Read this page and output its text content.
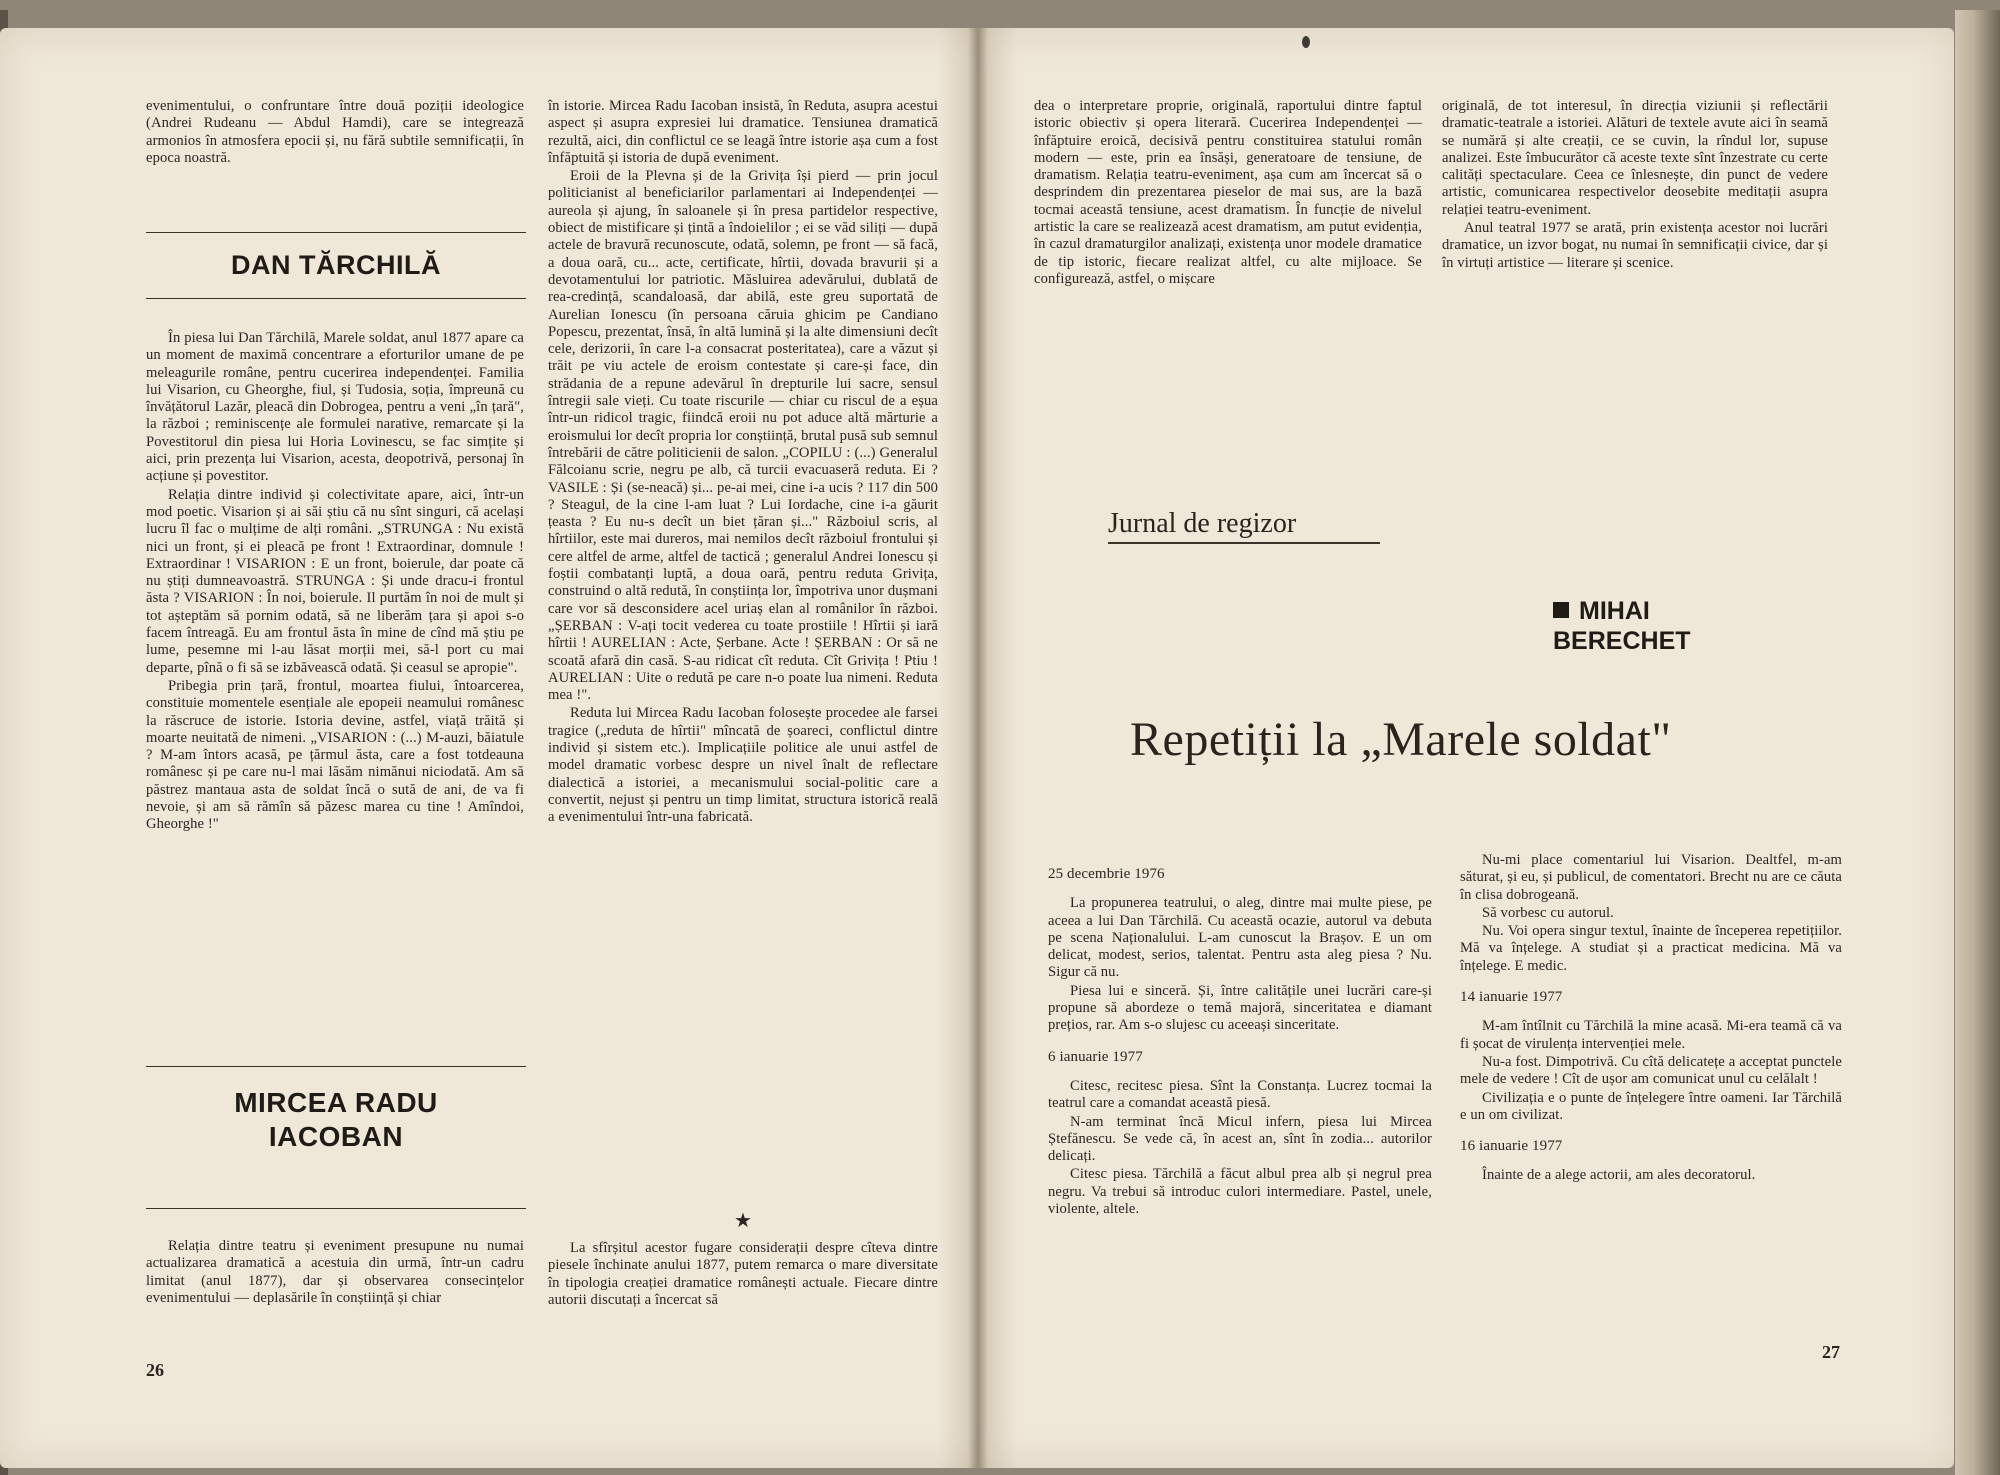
evenimentului, o confruntare între două poziții ideologice (Andrei Rudeanu — Abdul Hamdi), care se integrează armonios în atmosfera epocii și, nu fără subtile semnificații, în epoca noastră.

DAN TĂRCHILĂ

În piesa lui Dan Tărchilă, Marele soldat, anul 1877 apare ca un moment de maximă concentrare a eforturilor umane de pe meleagurile române, pentru cucerirea independenței. Familia lui Visarion, cu Gheorghe, fiul, și Tudosia, soția, împreună cu învățătorul Lazăr, pleacă din Dobrogea, pentru a veni „în țară", la război ; reminiscențe ale formulei narative, remarcate și la Povestitorul din piesa lui Horia Lovinescu, se fac simțite și aici, prin prezența lui Visarion, acesta, deopotrivă, personaj în acțiune și povestitor.

Relația dintre individ și colectivitate apare, aici, într-un mod poetic. Visarion și ai săi știu că nu sînt singuri, că același lucru îl fac o mulțime de alți români. „STRUNGA : Nu există nici un front, și ei pleacă pe front ! Extraordinar, domnule ! Extraordinar ! VISARION : E un front, boierule, dar poate că nu știți dumneavoastră. STRUNGA : Și unde dracu-i frontul ăsta ? VISARION : În noi, boierule. Il purtăm în noi de mult și tot așteptăm să pornim odată, să ne liberăm țara și apoi s-o facem întreagă. Eu am frontul ăsta în mine de cînd mă știu pe lume, pesemne mi l-au lăsat morții mei, să-l port cu mai departe, pînă o fi să se izbăvească odată. Și ceasul se apropie".

Pribegia prin țară, frontul, moartea fiului, întoarcerea, constituie momentele esențiale ale epopeii neamului românesc la răscruce de istorie. Istoria devine, astfel, viață trăită și moarte neuitată de nimeni. „VISARION : (...) M-auzi, băiatule ? M-am întors acasă, pe țărmul ăsta, care a fost totdeauna românesc și pe care nu-l mai lăsăm nimănui niciodată. Am să păstrez mantaua asta de soldat încă o sută de ani, de va fi nevoie, și am să rămîn să păzesc marea cu tine ! Amîndoi, Gheorghe !"

MIRCEA RADU
IACOBAN

Relația dintre teatru și eveniment presupune nu numai actualizarea dramatică a acestuia din urmă, într-un cadru limitat (anul 1877), dar și observarea consecințelor evenimentului — deplasările în conștiință și chiar

26

în istorie. Mircea Radu Iacoban insistă, în Reduta, asupra acestui aspect și asupra expresiei lui dramatice. Tensiunea dramatică rezultă, aici, din conflictul ce se leagă între istorie așa cum a fost înfăptuită și istoria de după eveniment.

Eroii de la Plevna și de la Grivița își pierd — prin jocul politicianist al beneficiarilor parlamentari ai Independenței — aureola și ajung, în saloanele și în presa partidelor respective, obiect de mistificare și țintă a îndoielilor ; ei se văd siliți — după actele de bravură recunoscute, odată, solemn, pe front — să facă, a doua oară, cu... acte, certificate, hîrtii, dovada bravurii și a devotamentului lor patriotic. Măsluirea adevărului, dublată de rea-credință, scandaloasă, dar abilă, este greu suportată de Aurelian Ionescu (în persoana căruia ghicim pe Candiano Popescu, prezentat, însă, în altă lumină și la alte dimensiuni decît cele, derizorii, în care l-a consacrat posteritatea), care a văzut și trăit pe viu actele de eroism contestate și care-și face, din strădania de a repune adevărul în drepturile lui sacre, sensul întregii sale vieți. Cu toate riscurile — chiar cu riscul de a eșua într-un ridicol tragic, fiindcă eroii nu pot aduce altă mărturie a eroismului lor decît propria lor conștiință, brutal pusă sub semnul întrebării de către politicienii de salon. „COPILU : (...) Generalul Fălcoianu scrie, negru pe alb, că turcii evacuaseră reduta. Ei ? VASILE : Și (se-neacă) și... pe-ai mei, cine i-a ucis ? 117 din 500 ? Steagul, de la cine l-am luat ? Lui Iordache, cine i-a găurit țeasta ? Eu nu-s decît un biet țăran și..." Războiul scris, al hîrtiilor, este mai dureros, mai nemilos decît războiul frontului și cere altfel de arme, altfel de tactică ; generalul Andrei Ionescu și foștii combatanți luptă, a doua oară, pentru reduta Grivița, construind o altă redută, în conștiința lor, împotriva unor dușmani care vor să desconsidere acel uriaș elan al românilor în război. „ȘERBAN : V-ați tocit vederea cu toate prostiile ! Hîrtii și iară hîrtii ! AURELIAN : Acte, Șerbane. Acte ! ȘERBAN : Or să ne scoată afară din casă. S-au ridicat cît reduta. Cît Grivița ! Ptiu ! AURELIAN : Uite o redută pe care n-o poate lua nimeni. Reduta mea !".

Reduta lui Mircea Radu Iacoban folosește procedee ale farsei tragice („reduta de hîrtii" mîncată de șoareci, conflictul dintre individ și sistem etc.). Implicațiile politice ale unui astfel de model dramatic vorbesc despre un nivel înalt de reflectare dialectică a istoriei, a mecanismului social-politic care a convertit, nejust și pentru un timp limitat, structura istorică reală a evenimentului într-una fabricată.

★

La sfîrșitul acestor fugare considerații despre cîteva dintre piesele închinate anului 1877, putem remarca o mare diversitate în tipologia creației dramatice românești actuale. Fiecare dintre autorii discutați a încercat să

dea o interpretare proprie, originală, raportului dintre faptul istoric obiectiv și opera literară. Cucerirea Independenței — înfăptuire eroică, decisivă pentru constituirea statului român modern — este, prin ea însăși, generatoare de tensiune, de dramatism. Relația teatru-eveniment, așa cum am încercat să o desprindem din prezentarea pieselor de mai sus, are la bază tocmai această tensiune, acest dramatism. În funcție de nivelul artistic la care se realizează acest dramatism, am putut evidenția, în cazul dramaturgilor analizați, existența unor modele dramatice de tip istoric, fiecare realizat altfel, cu alte mijloace. Se configurează, astfel, o mișcare

originală, de tot interesul, în direcția viziunii și reflectării dramatic-teatrale a istoriei. Alături de textele avute aici în seamă se numără și alte creații, ce se cuvin, la rîndul lor, supuse analizei. Este îmbucurător că aceste texte sînt înzestrate cu certe calități spectaculare. Ceea ce înlesnește, din punct de vedere artistic, comunicarea respectivelor deosebite meditații asupra relației teatru-eveniment.

Anul teatral 1977 se arată, prin existența acestor noi lucrări dramatice, un izvor bogat, nu numai în semnificații civice, dar și în virtuți artistice — literare și scenice.

Jurnal de regizor
MIHAI
BERECHET
Repetiții la „Marele soldat"

25 decembrie 1976

La propunerea teatrului, o aleg, dintre mai multe piese, pe aceea a lui Dan Tărchilă. Cu această ocazie, autorul va debuta pe scena Naționalului. L-am cunoscut la Brașov. E un om delicat, modest, serios, talentat. Pentru asta aleg piesa ? Nu. Sigur că nu.

Piesa lui e sinceră. Și, între calitățile unei lucrări care-și propune să abordeze o temă majoră, sinceritatea e diamant prețios, rar. Am s-o slujesc cu aceeași sinceritate.

6 ianuarie 1977

Citesc, recitesc piesa. Sînt la Constanța. Lucrez tocmai la teatrul care a comandat această piesă.

N-am terminat încă Micul infern, piesa lui Mircea Ștefănescu. Se vede că, în acest an, sînt în zodia... autorilor delicați.

Citesc piesa. Tărchilă a făcut albul prea alb și negrul prea negru. Va trebui să introduc culori intermediare. Pastel, unele, violente, altele.

Nu-mi place comentariul lui Visarion. Dealtfel, m-am săturat, și eu, și publicul, de comentatori. Brecht nu are ce căuta în clisa dobrogeană.

Să vorbesc cu autorul.

Nu. Voi opera singur textul, înainte de începerea repetițiilor. Mă va înțelege. A studiat și a practicat medicina. Mă va înțelege. E medic.

14 ianuarie 1977

M-am întîlnit cu Tărchilă la mine acasă. Mi-era teamă că va fi șocat de virulența intervenției mele.

Nu-a fost. Dimpotrivă. Cu cîtă delicatețe a acceptat punctele mele de vedere ! Cît de ușor am comunicat unul cu celălalt !

Civilizația e o punte de înțelegere între oameni. Iar Tărchilă e un om civilizat.

16 ianuarie 1977

Înainte de a alege actorii, am ales decoratorul.

27
